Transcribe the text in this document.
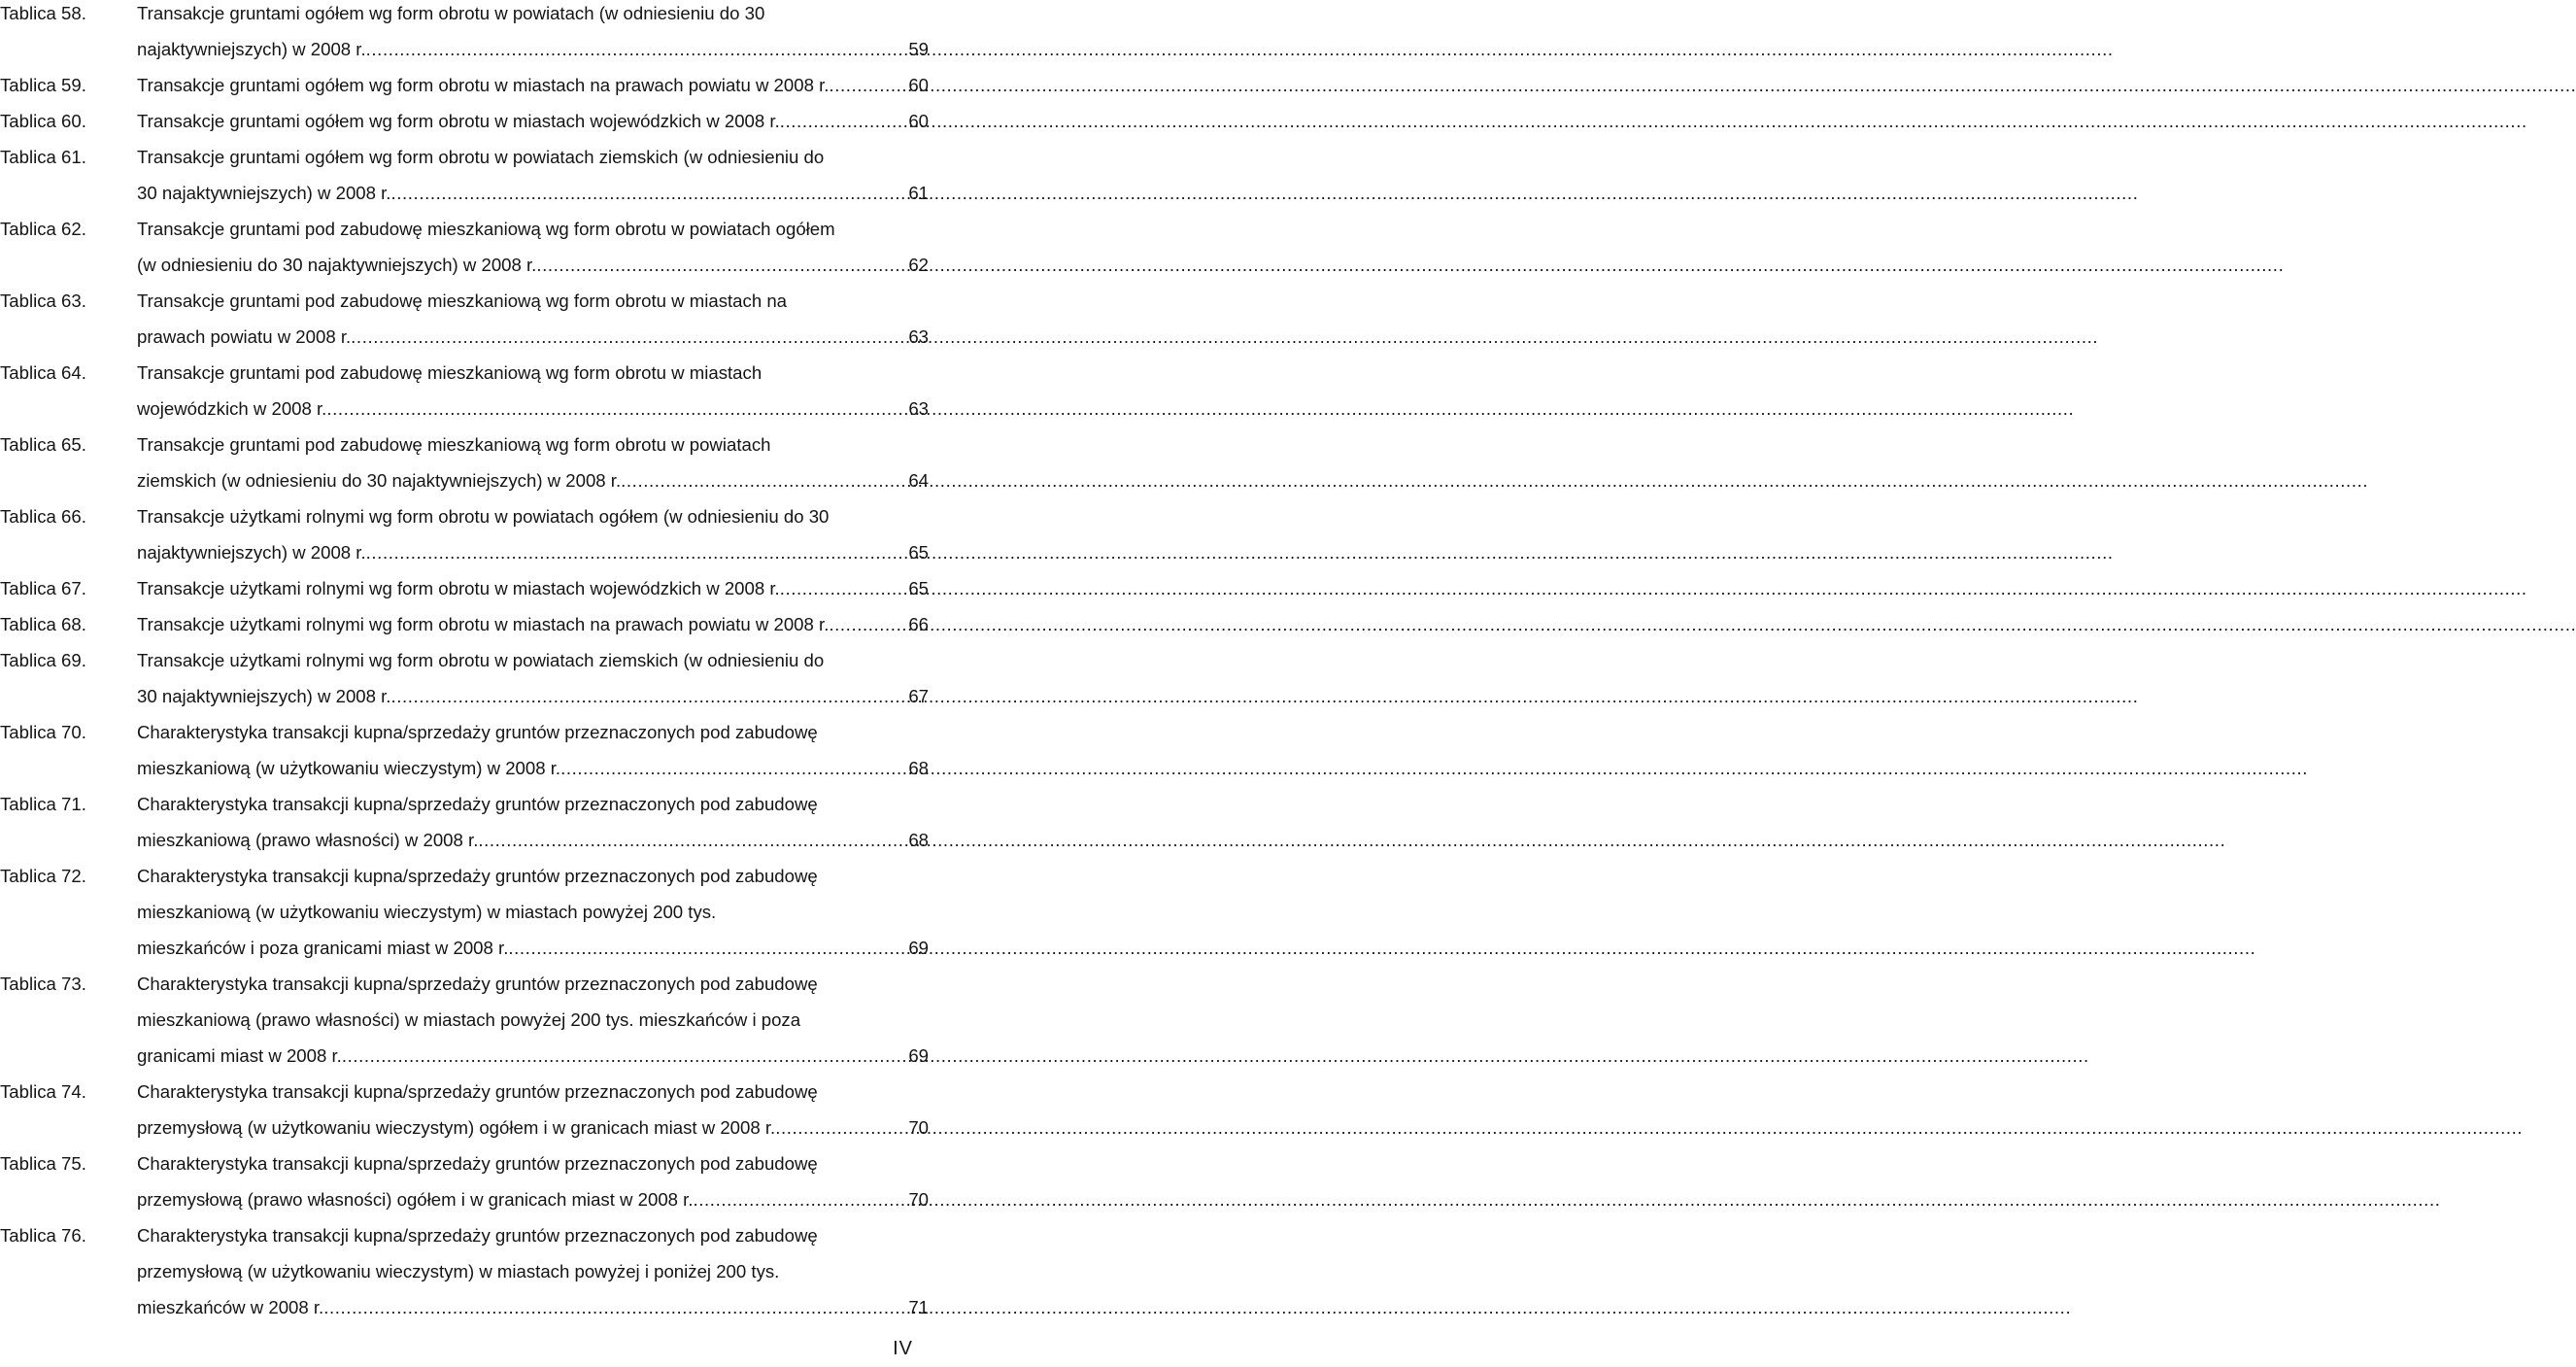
Tablica 58.	Transakcje gruntami ogółem wg form obrotu w powiatach (w odniesieniu do 30
najaktywniejszych) w 2008 r. .....	59
Tablica 59.	Transakcje gruntami ogółem wg form obrotu w miastach na prawach powiatu w 2008 r. .....	60
Tablica 60.	Transakcje gruntami ogółem wg form obrotu w miastach wojewódzkich w 2008 r. .....	60
Tablica 61.	Transakcje gruntami ogółem wg form obrotu w powiatach ziemskich (w odniesieniu do
30 najaktywniejszych) w 2008 r. .....	61
Tablica 62.	Transakcje gruntami pod zabudowę mieszkaniową wg form obrotu w powiatach ogółem
(w odniesieniu do 30 najaktywniejszych) w 2008 r. .....	62
Tablica 63.	Transakcje gruntami pod zabudowę mieszkaniową wg form obrotu w miastach na
prawach powiatu w 2008 r. .....	63
Tablica 64.	Transakcje gruntami pod zabudowę mieszkaniową wg form obrotu w miastach
wojewódzkich w 2008 r. .....	63
Tablica 65.	Transakcje gruntami pod zabudowę mieszkaniową wg form obrotu w powiatach
ziemskich (w odniesieniu do 30 najaktywniejszych) w 2008 r. .....	64
Tablica 66.	Transakcje użytkami rolnymi wg form obrotu w powiatach ogółem (w odniesieniu do 30
najaktywniejszych) w 2008 r. .....	65
Tablica 67.	Transakcje użytkami rolnymi wg form obrotu w miastach wojewódzkich w 2008 r. .....	65
Tablica 68.	Transakcje użytkami rolnymi wg form obrotu w miastach na prawach powiatu w 2008 r. .....	66
Tablica 69.	Transakcje użytkami rolnymi wg form obrotu w powiatach ziemskich (w odniesieniu do
30 najaktywniejszych) w 2008 r. .....	67
Tablica 70.	Charakterystyka transakcji kupna/sprzedaży gruntów przeznaczonych pod zabudowę
mieszkaniową (w użytkowaniu wieczystym) w 2008 r. .....	68
Tablica 71.	Charakterystyka transakcji kupna/sprzedaży gruntów przeznaczonych pod zabudowę
mieszkaniową (prawo własności) w 2008 r. .....	68
Tablica 72.	Charakterystyka transakcji kupna/sprzedaży gruntów przeznaczonych pod zabudowę
mieszkaniową (w użytkowaniu wieczystym) w miastach powyżej 200 tys.
mieszkańców i poza granicami miast w 2008 r. .....	69
Tablica 73.	Charakterystyka transakcji kupna/sprzedaży gruntów przeznaczonych pod zabudowę
mieszkaniową (prawo własności) w miastach powyżej 200 tys. mieszkańców i poza
granicami miast w 2008 r. .....	69
Tablica 74.	Charakterystyka transakcji kupna/sprzedaży gruntów przeznaczonych pod zabudowę
przemysłową (w użytkowaniu wieczystym) ogółem i w granicach miast w 2008 r. .....	70
Tablica 75.	Charakterystyka transakcji kupna/sprzedaży gruntów przeznaczonych pod zabudowę
przemysłową (prawo własności) ogółem i w granicach miast w 2008 r. .....	70
Tablica 76.	Charakterystyka transakcji kupna/sprzedaży gruntów przeznaczonych pod zabudowę
przemysłową (w użytkowaniu wieczystym) w miastach powyżej i poniżej 200 tys.
mieszkańców w 2008 r. .....	71
IV
